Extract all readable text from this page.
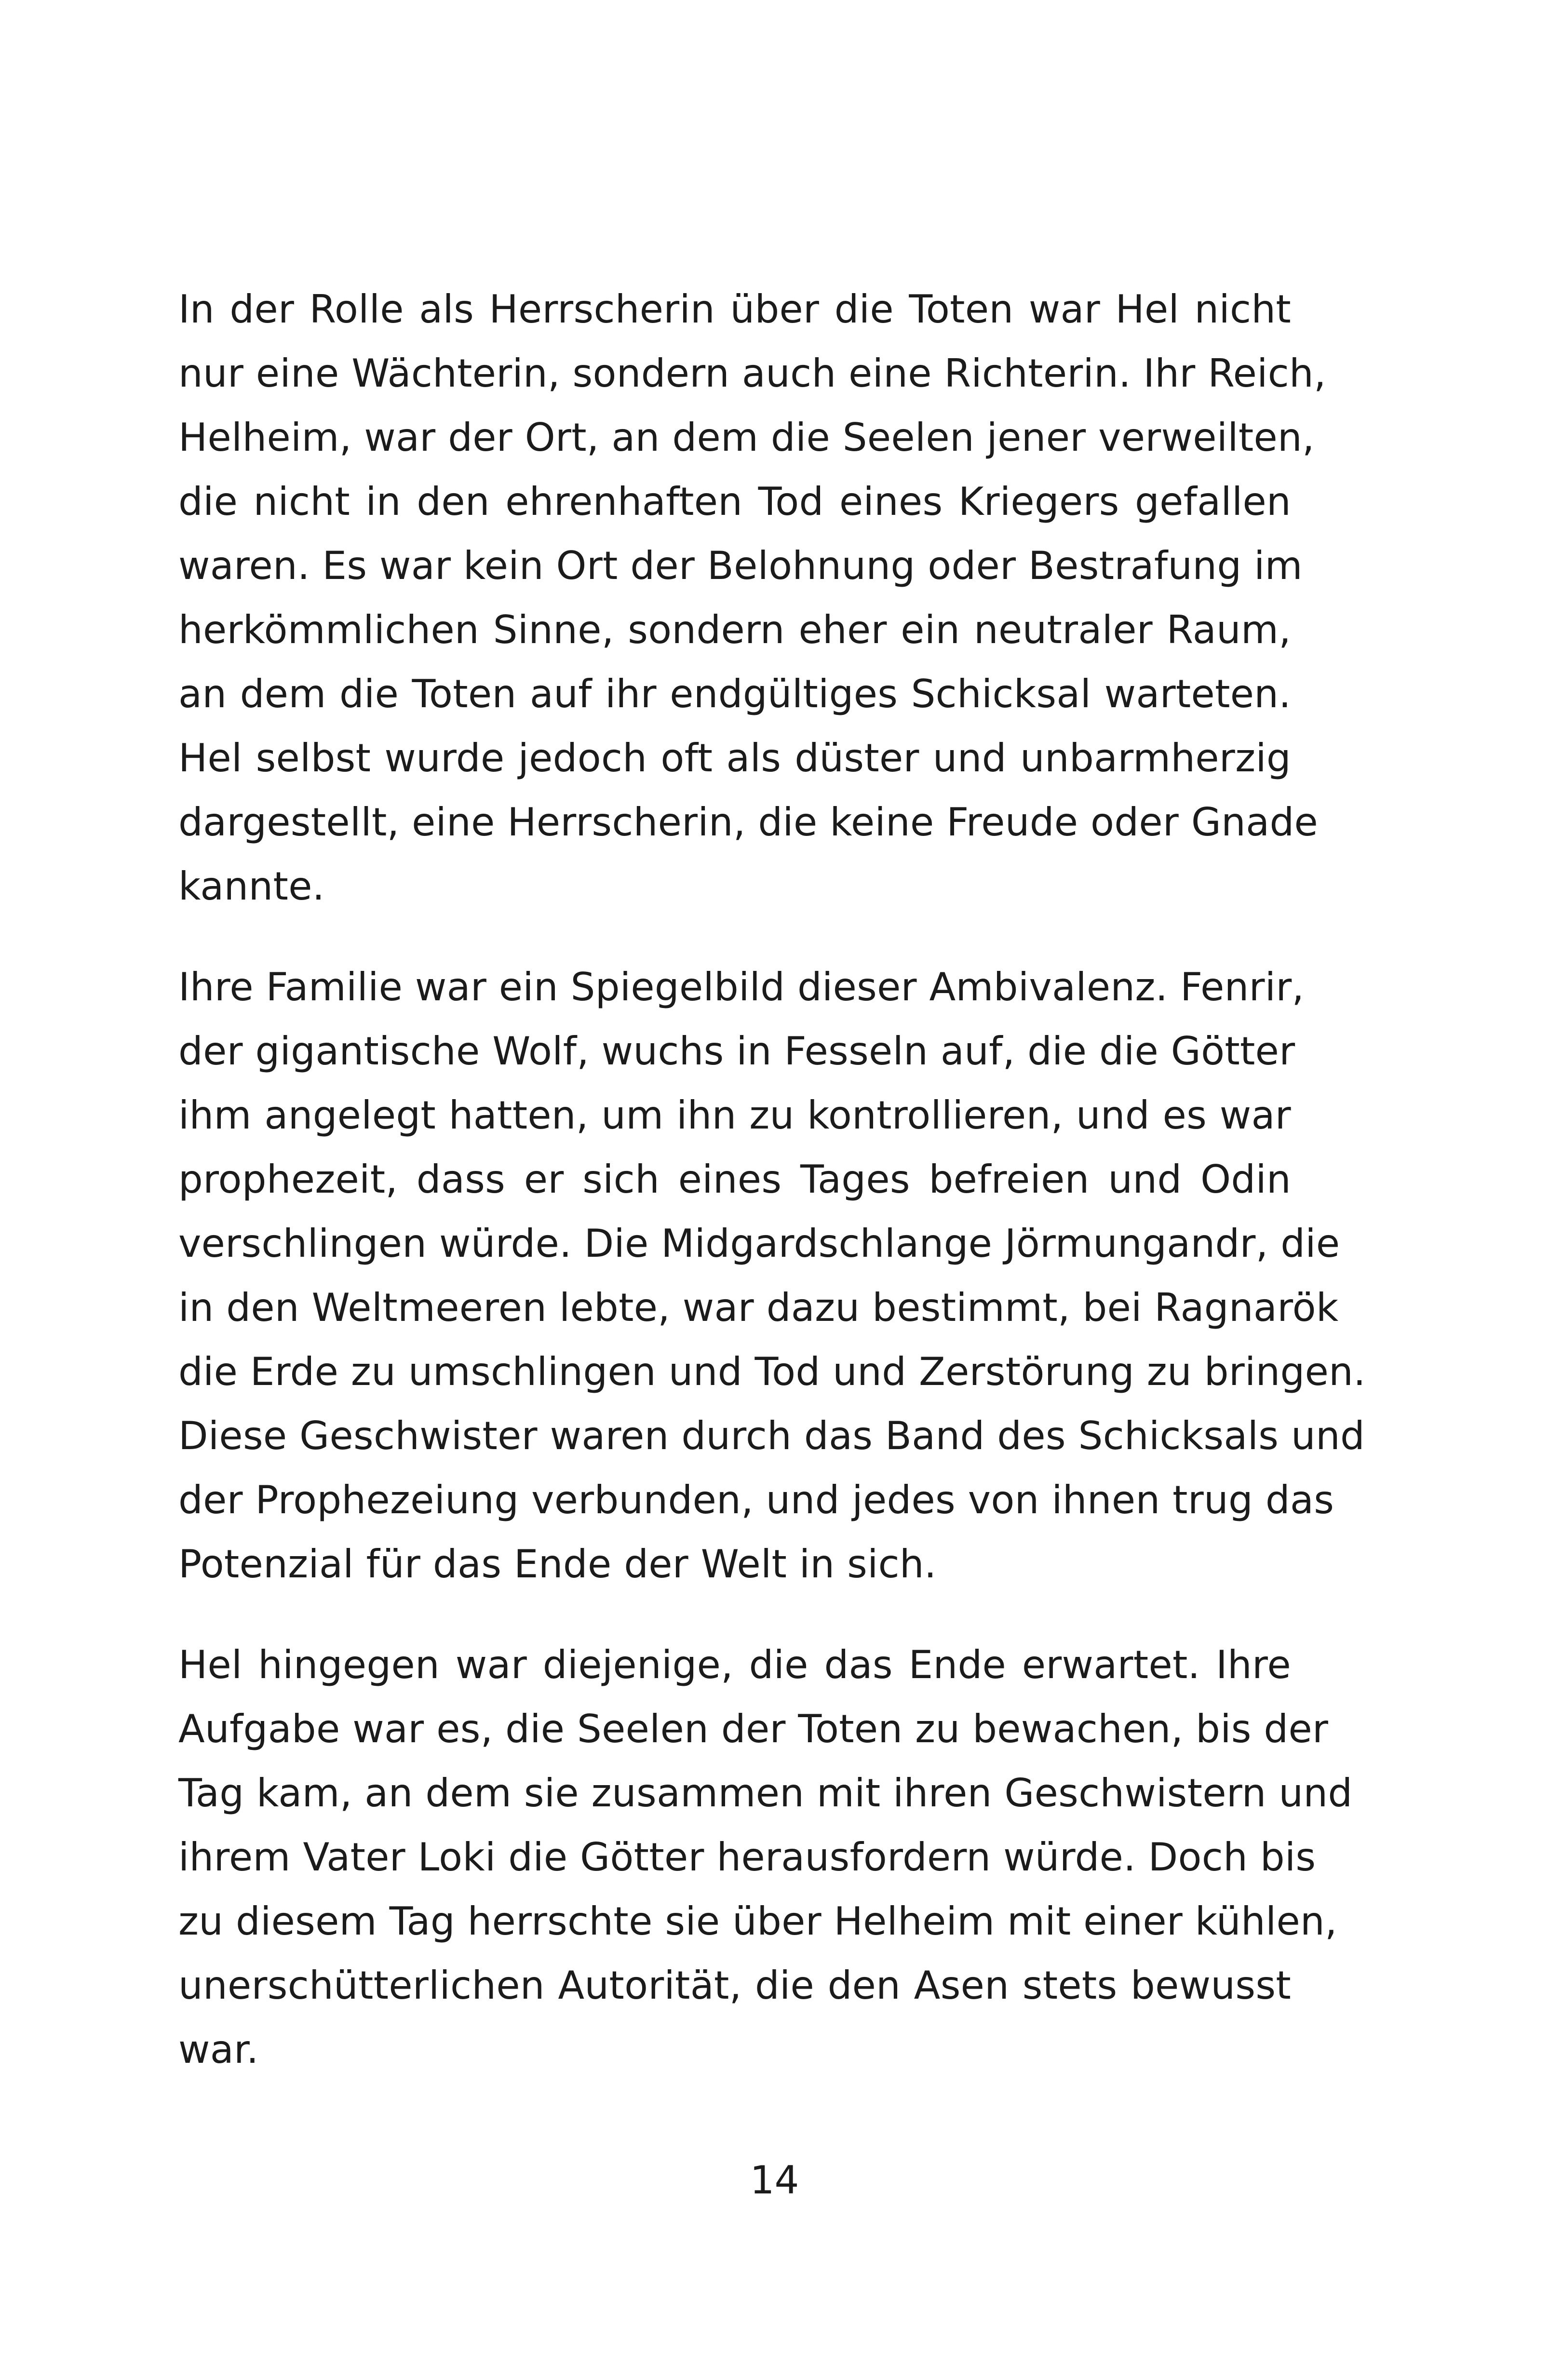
In der Rolle als Herrscherin über die Toten war Hel nicht
nur eine Wächterin, sondern auch eine Richterin. Ihr Reich,
Helheim, war der Ort, an dem die Seelen jener verweilten,
die nicht in den ehrenhaften Tod eines Kriegers gefallen
waren. Es war kein Ort der Belohnung oder Bestrafung im
herkömmlichen Sinne, sondern eher ein neutraler Raum,
an dem die Toten auf ihr endgültiges Schicksal warteten.
Hel selbst wurde jedoch oft als düster und unbarmherzig
dargestellt, eine Herrscherin, die keine Freude oder Gnade
kannte.
Ihre Familie war ein Spiegelbild dieser Ambivalenz. Fenrir,
der gigantische Wolf, wuchs in Fesseln auf, die die Götter
ihm angelegt hatten, um ihn zu kontrollieren, und es war
prophezeit, dass er sich eines Tages befreien und Odin
verschlingen würde. Die Midgardschlange Jörmungandr, die
in den Weltmeeren lebte, war dazu bestimmt, bei Ragnarök
die Erde zu umschlingen und Tod und Zerstörung zu bringen.
Diese Geschwister waren durch das Band des Schicksals und
der Prophezeiung verbunden, und jedes von ihnen trug das
Potenzial für das Ende der Welt in sich.
Hel hingegen war diejenige, die das Ende erwartet. Ihre
Aufgabe war es, die Seelen der Toten zu bewachen, bis der
Tag kam, an dem sie zusammen mit ihren Geschwistern und
ihrem Vater Loki die Götter herausfordern würde. Doch bis
zu diesem Tag herrschte sie über Helheim mit einer kühlen,
unerschütterlichen Autorität, die den Asen stets bewusst
war.
14
